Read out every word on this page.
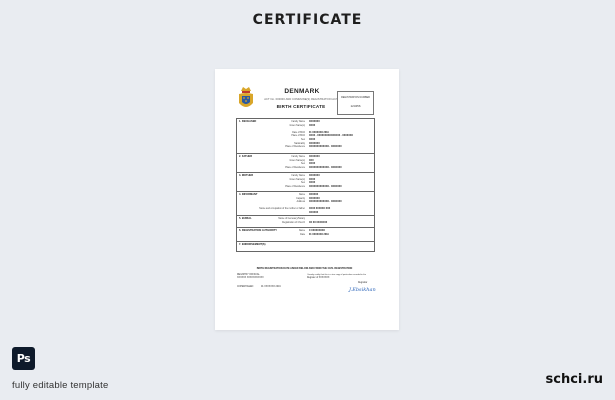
CERTIFICATE
DENMARK
ACT No. 000000 AND COMMUNE(S) REGISTRATION ACT
BIRTH CERTIFICATE
REGISTRATION NUMBER
123456
1. DECEASED	Family Name XXXXXXX
Given Name(s) XXXX
Date of Birth 01 XXXXXXX 2019
Place of Birth XXXX · XXXXXXXXXXXXXXX · XXXXXXX
Sex XXXX
Nationality XXXXXXX
Place of Residence XXXXXXXXXXXXX · XXXXXXX
2. FATHER	Family Name XXXXXXX
Given Name(s) XXX
Sex XXXX
Place of Residence XXXXXXXXXXXXX · XXXXXXX
3. MOTHER	Family Name XXXXXXX
Given Name(s) XXXX
Sex XXXX
Place of Residence XXXXXXXXXXXXX · XXXXXXX
4. INFORMANT	Name XXXXXX
Capacity XXXXXXX
Address XXXXXXXXXXXXX · XXXXXXX
Name and occupation of the mother or father XXXX XXXXXX XXX
XXXXXX
5. BURIAL	Name of Cemetery/Notary
Registration of Church XX XX XXXXXXX
6. REGISTRATION AUTHORITY	Name X XXXXXXXXX
Date 01 XXXXXXX 2019
7. ENDORSEMENT(S)
BIRTH REGISTRATION DATE ASKED BELOW AND FROM THE CIVIL REGISTRATION
REGISTRY OFFICIAL
XXXXXX XXXXXXXXXXX
I hereby certify that this is a true copy of particulars recorded in the
Register of XXXXXXX
Registrar
COPENHAGEN	01 XXXXXXX 2019	J.Ebsikhan
Ps
fully editable template	schci.ru
